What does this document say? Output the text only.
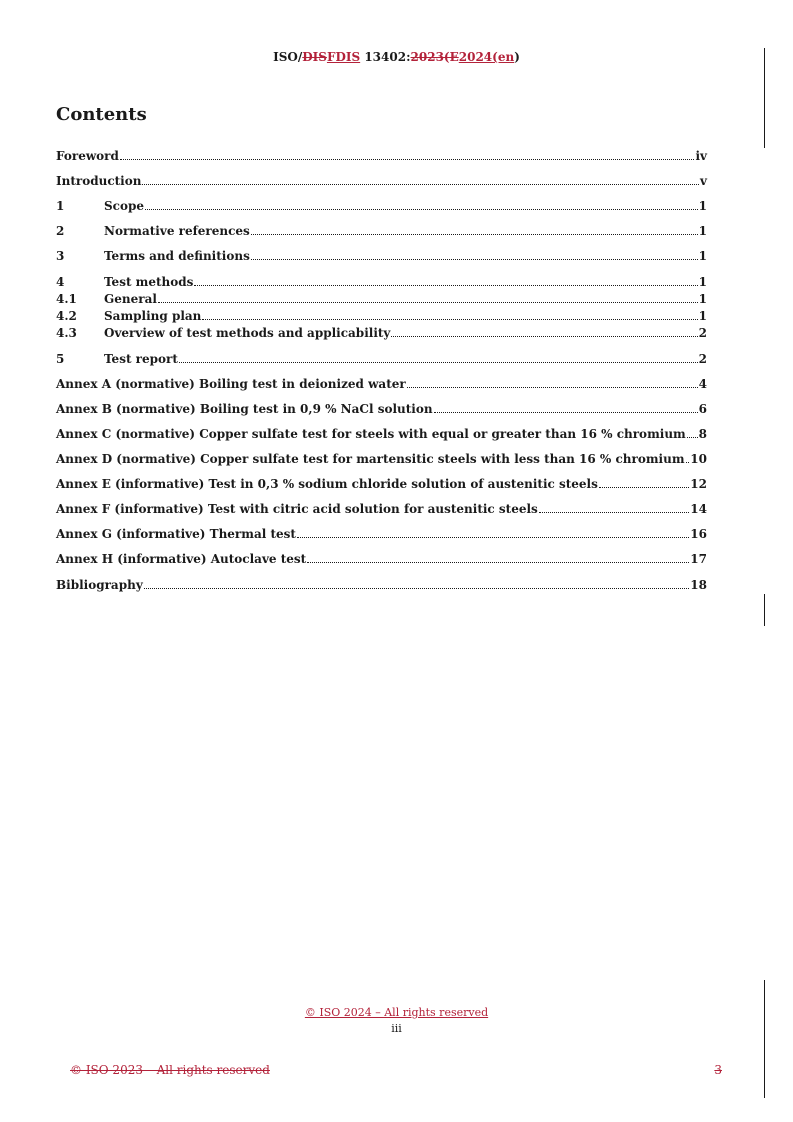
ISO/DISFDIS 13402:2023(E2024(en)
Contents
Foreword	iv
Introduction	v
1	Scope	1
2	Normative references	1
3	Terms and definitions	1
4	Test methods	1
4.1	General	1
4.2	Sampling plan	1
4.3	Overview of test methods and applicability	2
5	Test report	2
Annex A (normative) Boiling test in deionized water	4
Annex B (normative) Boiling test in 0,9 % NaCl solution	6
Annex C (normative) Copper sulfate test for steels with equal or greater than 16 % chromium 8
Annex D (normative) Copper sulfate test for martensitic steels with less than 16 % chromium 10
Annex E (informative) Test in 0,3 % sodium chloride solution of austenitic steels	12
Annex F (informative) Test with citric acid solution for austenitic steels	14
Annex G (informative) Thermal test	16
Annex H (informative) Autoclave test	17
Bibliography	18
© ISO 2024 – All rights reserved
iii
© ISO 2023 – All rights reserved	3
